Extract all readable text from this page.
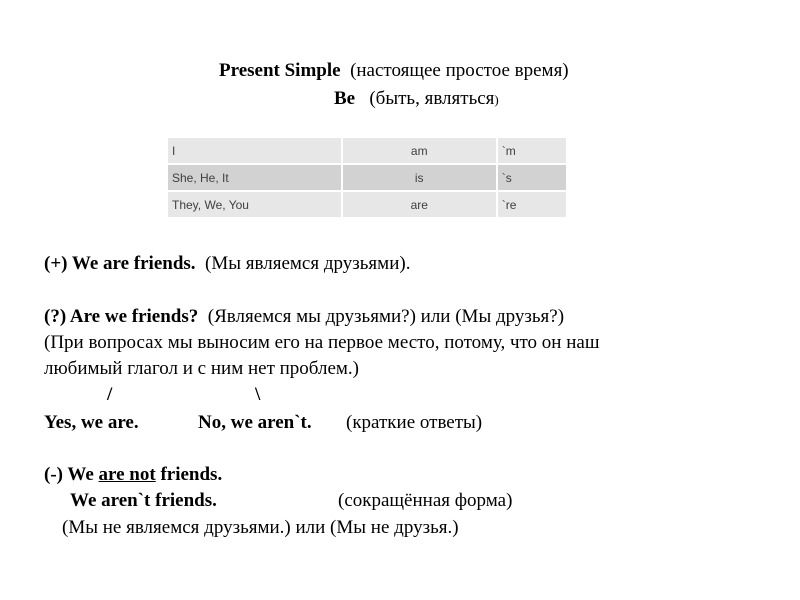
Present Simple (настоящее простое время)
Be (быть, являться)
I	am	`m
She, He, It	is	`s
They, We, You	are	`re
(+) We are friends. (Мы являемся друзьями).
(?) Are we friends? (Являемся мы друзьями?) или (Мы друзья?)
(При вопросах мы выносим его на первое место, потому, что он наш
любимый глагол и с ним нет проблем.)
/	\
Yes, we are.	No, we aren`t. (краткие ответы)
(-) We are not friends.
We aren`t friends.	(сокращённая форма)
(Мы не являемся друзьями.) или (Мы не друзья.)
